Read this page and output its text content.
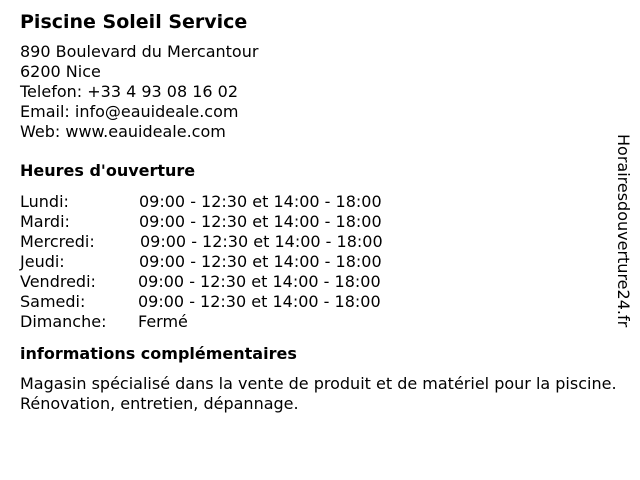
Piscine Soleil Service
890 Boulevard du Mercantour
6200 Nice
Telefon: +33 4 93 08 16 02
Email: info@eauideale.com
Web: www.eauideale.com
Heures d'ouverture
Lundi:	09:00 - 12:30 et 14:00 - 18:00
Mardi:	09:00 - 12:30 et 14:00 - 18:00
Mercredi:	09:00 - 12:30 et 14:00 - 18:00
Jeudi:	09:00 - 12:30 et 14:00 - 18:00
Vendredi:	09:00 - 12:30 et 14:00 - 18:00
Samedi:	09:00 - 12:30 et 14:00 - 18:00
Dimanche: Fermé
informations complémentaires
Magasin spécialisé dans la vente de produit et de matériel pour la piscine. Rénovation, entretien, dépannage.
Horairesdouverture24.fr
